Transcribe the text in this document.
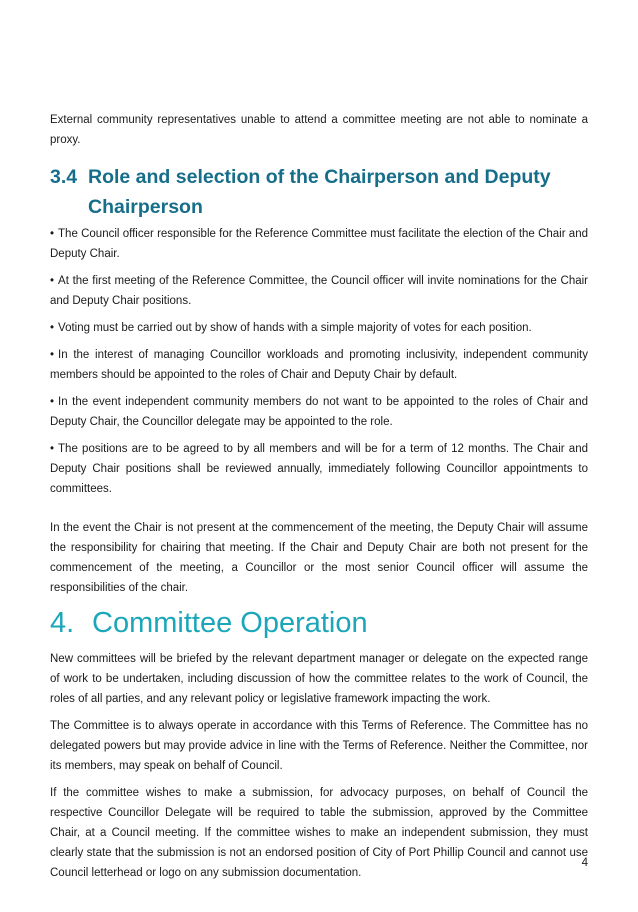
External community representatives unable to attend a committee meeting are not able to nominate a proxy.

3.4 Role and selection of the Chairperson and Deputy Chairperson

• The Council officer responsible for the Reference Committee must facilitate the election of the Chair and Deputy Chair.

• At the first meeting of the Reference Committee, the Council officer will invite nominations for the Chair and Deputy Chair positions.

• Voting must be carried out by show of hands with a simple majority of votes for each position.

• In the interest of managing Councillor workloads and promoting inclusivity, independent community members should be appointed to the roles of Chair and Deputy Chair by default.

• In the event independent community members do not want to be appointed to the roles of Chair and Deputy Chair, the Councillor delegate may be appointed to the role.

• The positions are to be agreed to by all members and will be for a term of 12 months. The Chair and Deputy Chair positions shall be reviewed annually, immediately following Councillor appointments to committees.

In the event the Chair is not present at the commencement of the meeting, the Deputy Chair will assume the responsibility for chairing that meeting. If the Chair and Deputy Chair are both not present for the commencement of the meeting, a Councillor or the most senior Council officer will assume the responsibilities of the chair.

4. Committee Operation

New committees will be briefed by the relevant department manager or delegate on the expected range of work to be undertaken, including discussion of how the committee relates to the work of Council, the roles of all parties, and any relevant policy or legislative framework impacting the work.

The Committee is to always operate in accordance with this Terms of Reference. The Committee has no delegated powers but may provide advice in line with the Terms of Reference. Neither the Committee, nor its members, may speak on behalf of Council.

If the committee wishes to make a submission, for advocacy purposes, on behalf of Council the respective Councillor Delegate will be required to table the submission, approved by the Committee Chair, at a Council meeting. If the committee wishes to make an independent submission, they must clearly state that the submission is not an endorsed position of City of Port Phillip Council and cannot use Council letterhead or logo on any submission documentation.

4
